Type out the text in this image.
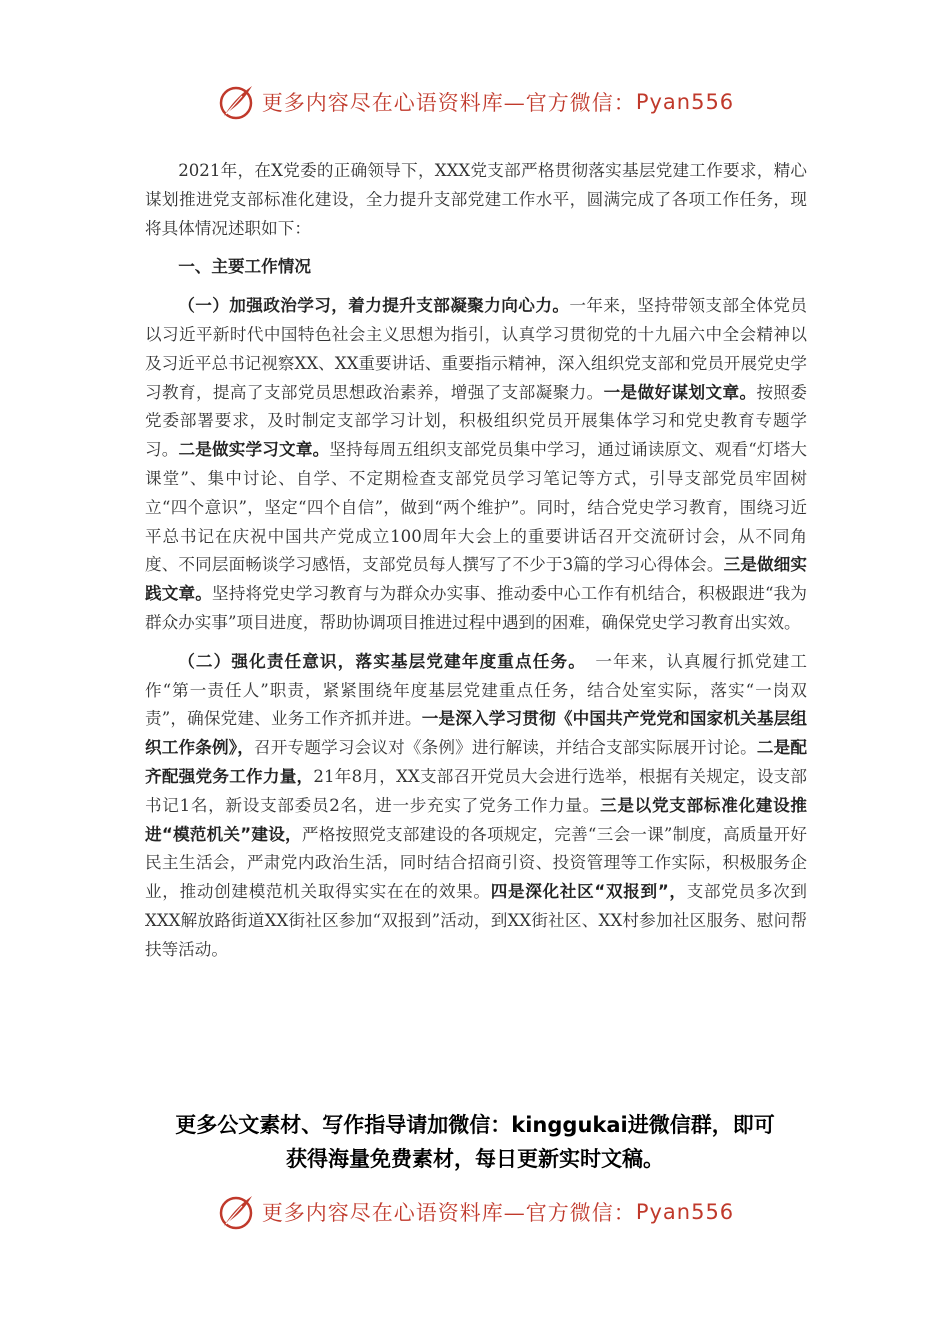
更多内容尽在心语资料库—官方微信： Pyan556

2021年，在X党委的正确领导下，XXX党支部严格贯彻落实基层党建工作要求，精心谋划推进党支部标准化建设，全力提升支部党建工作水平，圆满完成了各项工作任务，现将具体情况述职如下：

一、主要工作情况

（一）加强政治学习，着力提升支部凝聚力向心力。一年来，坚持带领支部全体党员以习近平新时代中国特色社会主义思想为指引，认真学习贯彻党的十九届六中全会精神以及习近平总书记视察XX、XX重要讲话、重要指示精神，深入组织党支部和党员开展党史学习教育，提高了支部党员思想政治素养，增强了支部凝聚力。一是做好谋划文章。按照委党委部署要求，及时制定支部学习计划，积极组织党员开展集体学习和党史教育专题学习。二是做实学习文章。坚持每周五组织支部党员集中学习，通过诵读原文、观看“灯塔大课堂”、集中讨论、自学、不定期检查支部党员学习笔记等方式，引导支部党员牢固树立“四个意识”，坚定“四个自信”，做到“两个维护”。同时，结合党史学习教育，围绕习近平总书记在庆祝中国共产党成立100周年大会上的重要讲话召开交流研讨会，从不同角度、不同层面畅谈学习感悟，支部党员每人撰写了不少于3篇的学习心得体会。三是做细实践文章。坚持将党史学习教育与为群众办实事、推动委中心工作有机结合，积极跟进“我为群众办实事”项目进度，帮助协调项目推进过程中遇到的困难，确保党史学习教育出实效。

（二）强化责任意识，落实基层党建年度重点任务。　一年来，认真履行抓党建工作“第一责任人”职责，紧紧围绕年度基层党建重点任务，结合处室实际，落实“一岗双责”，确保党建、业务工作齐抓并进。一是深入学习贯彻《中国共产党党和国家机关基层组织工作条例》，召开专题学习会议对《条例》进行解读，并结合支部实际展开讨论。二是配齐配强党务工作力量，21年8月，XX支部召开党员大会进行选举，根据有关规定，设支部书记1名，新设支部委员2名，进一步充实了党务工作力量。三是以党支部标准化建设推进“模范机关”建设，严格按照党支部建设的各项规定，完善“三会一课”制度，高质量开好民主生活会，严肃党内政治生活，同时结合招商引资、投资管理等工作实际，积极服务企业，推动创建模范机关取得实实在在的效果。四是深化社区“双报到”，支部党员多次到XXX解放路街道XX街社区参加“双报到”活动，到XX街社区、XX村参加社区服务、慰问帮扶等活动。

更多公文素材、写作指导请加微信：kinggukai进微信群，即可
获得海量免费素材，每日更新实时文稿。
更多内容尽在心语资料库—官方微信： Pyan556
